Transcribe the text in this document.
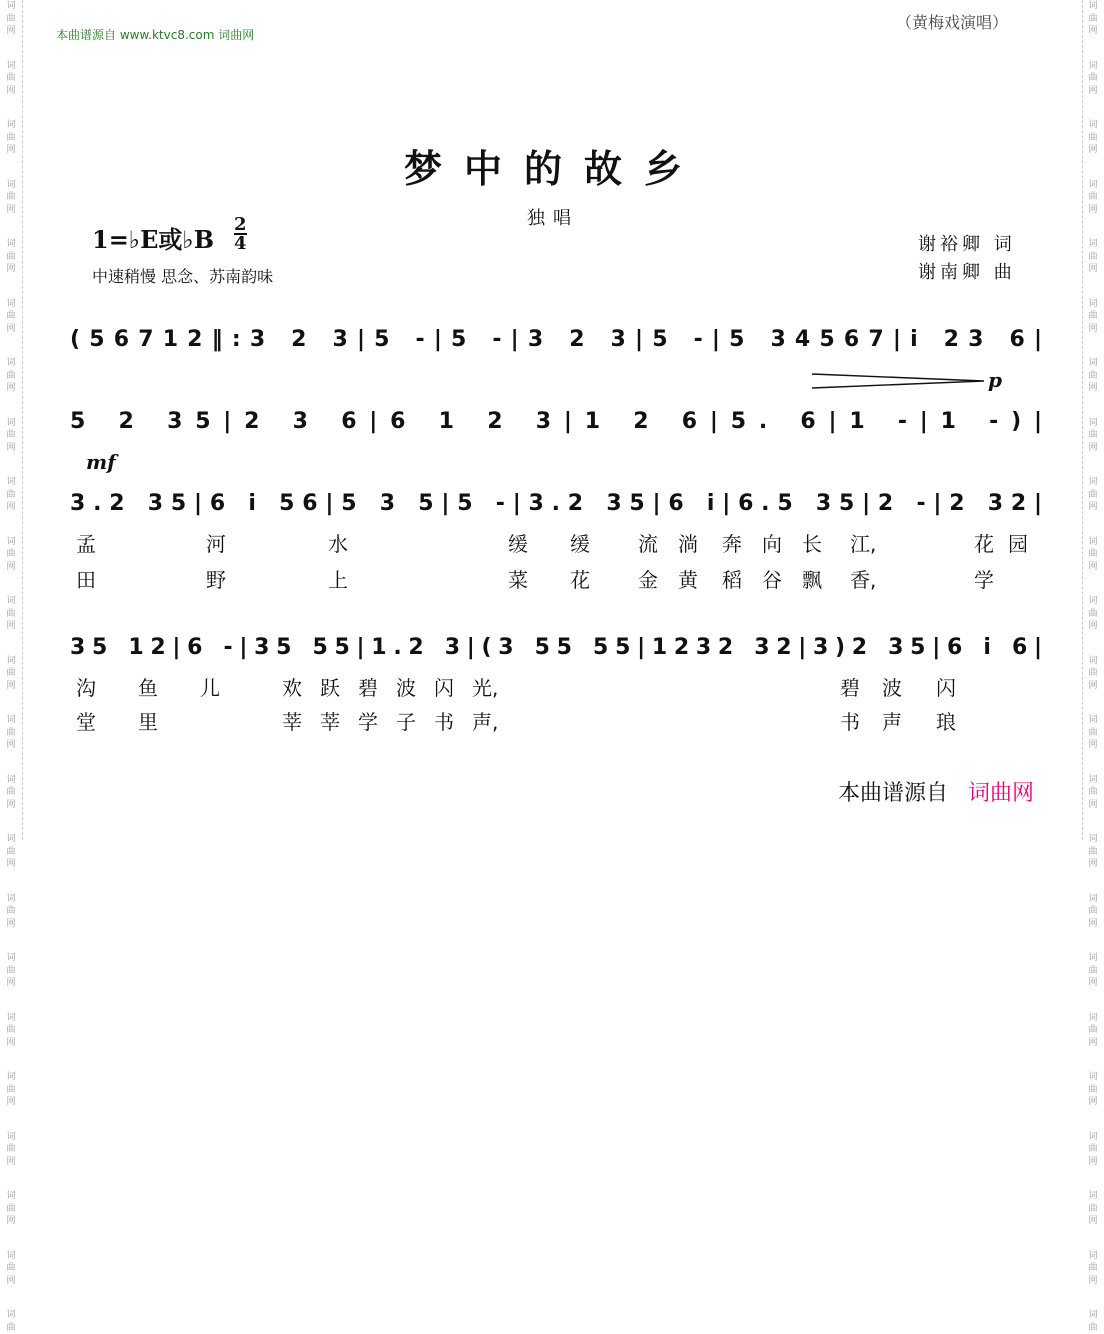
词
曲
网
词
曲
网
词
曲
网
词
曲
网
词
曲
网
词
曲
网
词
曲
网
词
曲
网
词
曲
网
词
曲
网
词
曲
网
词
曲
网
词
曲
网
词
曲
网
词
曲
网
词
曲
网
词
曲
网
词
曲
网
词
曲
网
词
曲
网
词
曲
网
词
曲
网
词
曲
词
曲
网
词
曲
网
词
曲
网
词
曲
网
词
曲
网
词
曲
网
词
曲
网
词
曲
网
词
曲
网
词
曲
网
词
曲
网
词
曲
网
词
曲
网
词
曲
网
词
曲
网
词
曲
网
词
曲
网
词
曲
网
词
曲
网
词
曲
网
词
曲
网
词
曲
网
词
曲
本曲谱源自 www.ktvc8.com 词曲网
（黄梅戏演唱）
梦中的故乡
独唱
1=♭E或♭B
2
4
中速稍慢 思念、苏南韵味
谢裕卿 词
谢南卿 曲
p
mf
(56712‖:3 2 3|5 -|5 -|3 2 3|5 -|5 34567|i 23 6|
5 2 35|2 3 6|6 1 2 3|1 2 6|5. 6|1 -|1 -)|
3.2 35|6 i 56|5 3 5|5 -|3.2 35|6 i|6.5 35|2 -|2 32|
35 12|6 -|35 55|1.2 3|(3 55 55|1232 32|3)2 35|6 i 6|
孟	河	水	缓 缓 流 淌 奔 向 长 江,	花 园
田	野	上	菜 花 金 黄 稻 谷 飘 香,	学
沟 鱼 儿	欢 跃 碧 波 闪 光,	碧 波 闪
堂 里	莘 莘 学 子 书 声,	书 声 琅
本曲谱源自 词曲网
